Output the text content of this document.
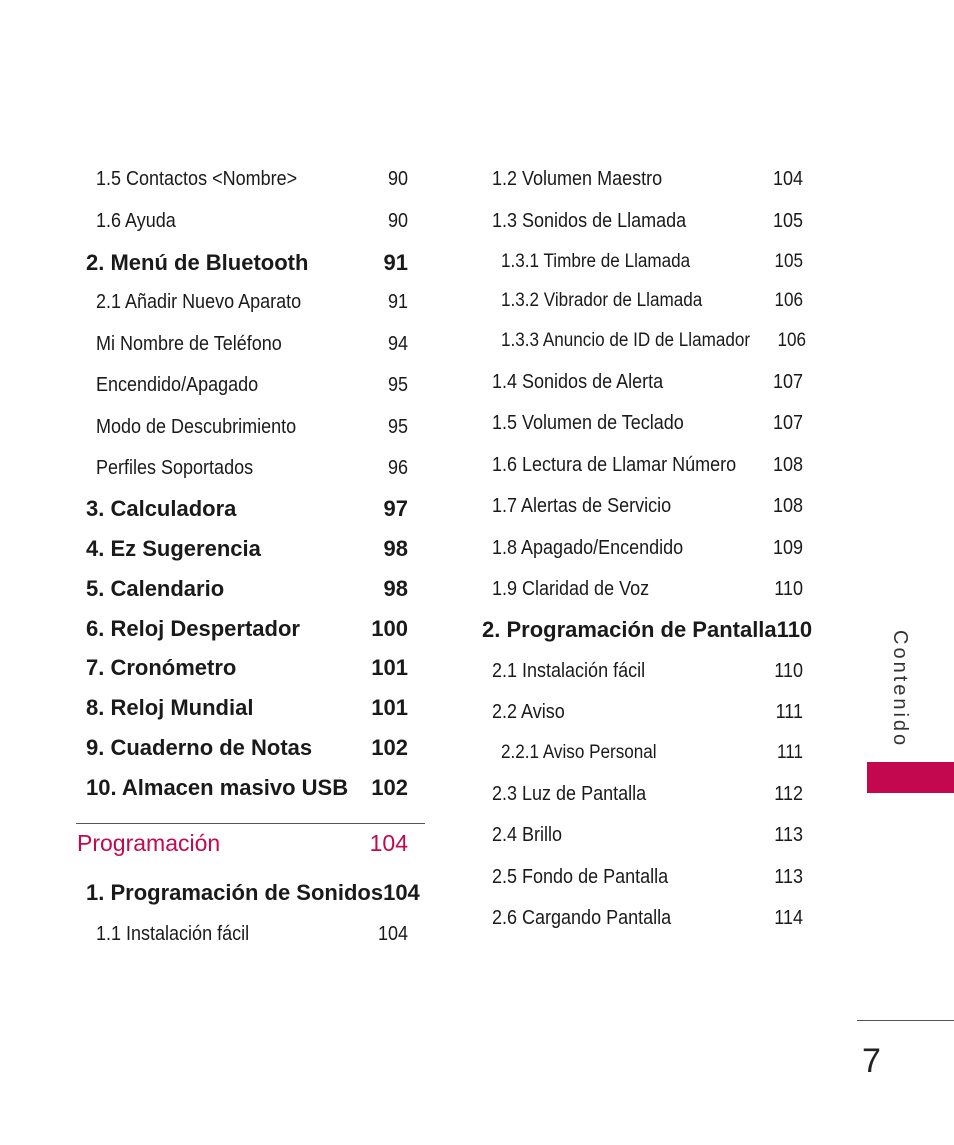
1.5 Contactos <Nombre>	90
1.6 Ayuda	90
2. Menú de Bluetooth	91
2.1 Añadir Nuevo Aparato	91
Mi Nombre de Teléfono	94
Encendido/Apagado	95
Modo de Descubrimiento	95
Perfiles Soportados	96
3. Calculadora	97
4. Ez Sugerencia	98
5. Calendario	98
6. Reloj Despertador	100
7. Cronómetro	101
8. Reloj Mundial	101
9. Cuaderno de Notas	102
10. Almacen masivo USB 102
Programación	104
1. Programación de Sonidos 104
1.1 Instalación fácil	104
1.2 Volumen Maestro	104
1.3 Sonidos de Llamada	105
1.3.1 Timbre de Llamada	105
1.3.2 Vibrador de Llamada	106
1.3.3 Anuncio de ID de Llamador 106
1.4 Sonidos de Alerta	107
1.5 Volumen de Teclado	107
1.6 Lectura de Llamar Número 108
1.7 Alertas de Servicio	108
1.8 Apagado/Encendido	109
1.9 Claridad de Voz	110
2. Programación de Pantalla 110
2.1 Instalación fácil	110
2.2 Aviso	111
2.2.1 Aviso Personal	111
2.3 Luz de Pantalla	112
2.4 Brillo	113
2.5 Fondo de Pantalla	113
2.6 Cargando Pantalla	114
Contenido
7
